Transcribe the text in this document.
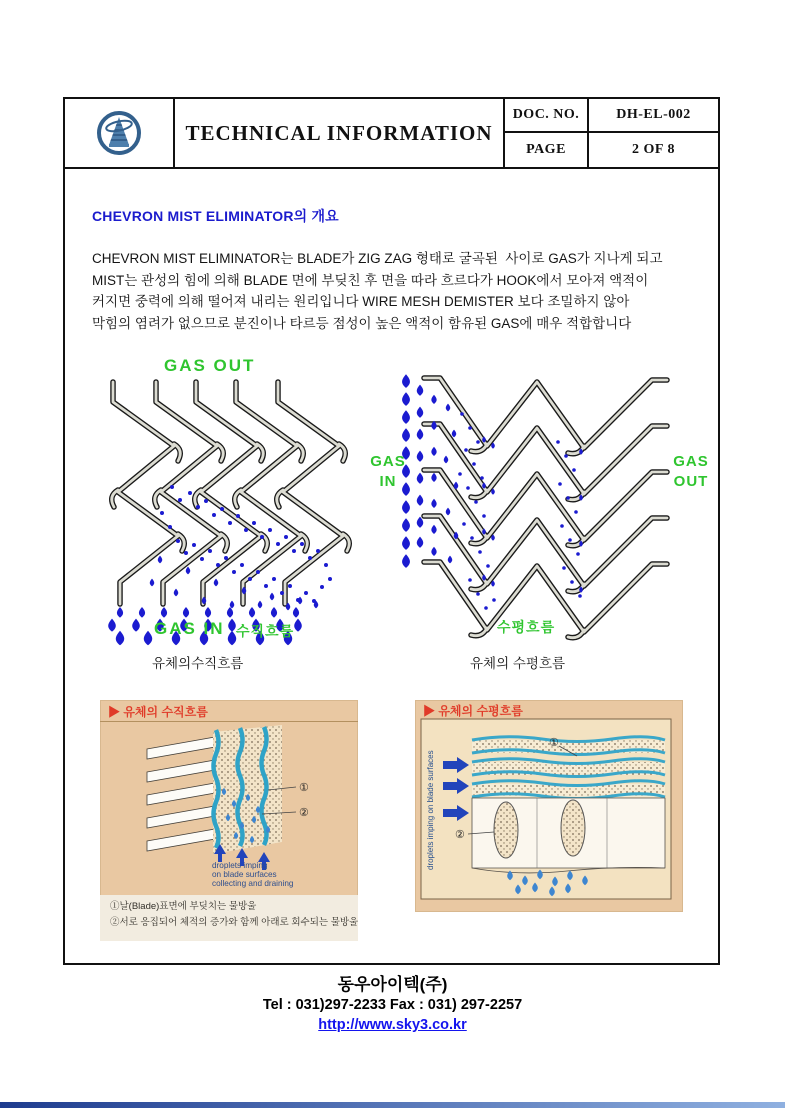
TECHNICAL INFORMATION
DOC. NO.	DH-EL-002
PAGE	2 OF 8
CHEVRON MIST ELIMINATOR의 개요
CHEVRON MIST ELIMINATOR는 BLADE가 ZIG ZAG 형태로 굴곡된  사이로 GAS가 지나게 되고
MIST는 관성의 힘에 의해 BLADE 면에 부딪친 후 면을 따라 흐르다가 HOOK에서 모아져 액적이
커지면 중력에 의해 떨어져 내리는 원리입니다 WIRE MESH DEMISTER 보다 조밀하지 않아
막힘의 염려가 없으므로 분진이나 타르등 점성이 높은 액적이 함유된 GAS에 매우 적합합니다
GAS OUT
GAS IN 수직흐름
GAS IN
GAS OUT
수평흐름
유체의수직흐름	유체의 수평흐름
▶ 유체의 수직흐름
①
②
droplets imping
on blade surfaces
collecting and draining
①날(Blade)표면에 부딪치는 물방울
②서로 응집되어 체적의 증가와 함께 아래로 회수되는 물방울
▶ 유체의 수평흐름
droplets imping on blade surfaces
①
②
동우아이텍(주)
Tel : 031)297-2233 Fax : 031) 297-2257
http://www.sky3.co.kr
